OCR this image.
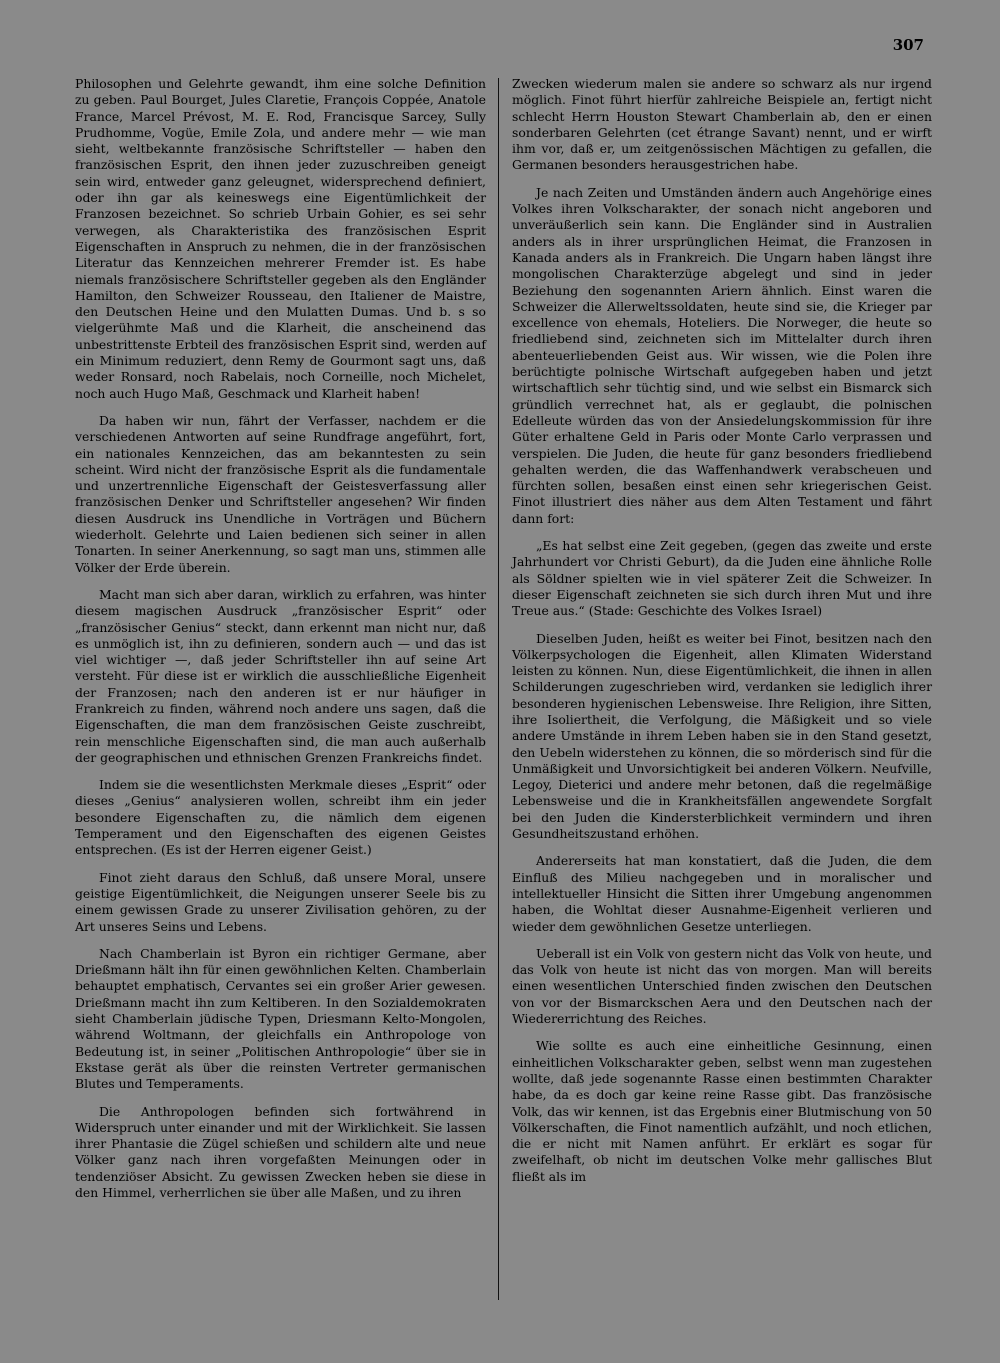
307

Philosophen und Gelehrte gewandt, ihm eine solche Definition zu geben. Paul Bourget, Jules Claretie, François Coppée, Anatole France, Marcel Prévost, M. E. Rod, Francisque Sarcey, Sully Prudhomme, Vogüe, Emile Zola, und andere mehr — wie man sieht, weltbekannte französische Schriftsteller — haben den französischen Esprit, den ihnen jeder zuzuschreiben geneigt sein wird, entweder ganz geleugnet, widersprechend definiert, oder ihn gar als keineswegs eine Eigentümlichkeit der Franzosen bezeichnet. So schrieb Urbain Gohier, es sei sehr verwegen, als Charakteristika des französischen Esprit Eigenschaften in Anspruch zu nehmen, die in der französischen Literatur das Kennzeichen mehrerer Fremder ist. Es habe niemals französischere Schriftsteller gegeben als den Engländer Hamilton, den Schweizer Rousseau, den Italiener de Maistre, den Deutschen Heine und den Mulatten Dumas. Und b. s so vielgerühmte Maß und die Klarheit, die anscheinend das unbestrittenste Erbteil des französischen Esprit sind, werden auf ein Minimum reduziert, denn Remy de Gourmont sagt uns, daß weder Ronsard, noch Rabelais, noch Corneille, noch Michelet, noch auch Hugo Maß, Geschmack und Klarheit haben!

Da haben wir nun, fährt der Verfasser, nachdem er die verschiedenen Antworten auf seine Rundfrage angeführt, fort, ein nationales Kennzeichen, das am bekanntesten zu sein scheint. Wird nicht der französische Esprit als die fundamentale und unzertrennliche Eigenschaft der Geistesverfassung aller französischen Denker und Schriftsteller angesehen? Wir finden diesen Ausdruck ins Unendliche in Vorträgen und Büchern wiederholt. Gelehrte und Laien bedienen sich seiner in allen Tonarten. In seiner Anerkennung, so sagt man uns, stimmen alle Völker der Erde überein.

Macht man sich aber daran, wirklich zu erfahren, was hinter diesem magischen Ausdruck „französischer Esprit“ oder „französischer Genius“ steckt, dann erkennt man nicht nur, daß es unmöglich ist, ihn zu definieren, sondern auch — und das ist viel wichtiger —, daß jeder Schriftsteller ihn auf seine Art versteht. Für diese ist er wirklich die ausschließliche Eigenheit der Franzosen; nach den anderen ist er nur häufiger in Frankreich zu finden, während noch andere uns sagen, daß die Eigenschaften, die man dem französischen Geiste zuschreibt, rein menschliche Eigenschaften sind, die man auch außerhalb der geographischen und ethnischen Grenzen Frankreichs findet.

Indem sie die wesentlichsten Merkmale dieses „Esprit“ oder dieses „Genius“ analysieren wollen, schreibt ihm ein jeder besondere Eigenschaften zu, die nämlich dem eigenen Temperament und den Eigenschaften des eigenen Geistes entsprechen. (Es ist der Herren eigener Geist.)

Finot zieht daraus den Schluß, daß unsere Moral, unsere geistige Eigentümlichkeit, die Neigungen unserer Seele bis zu einem gewissen Grade zu unserer Zivilisation gehören, zu der Art unseres Seins und Lebens.

Nach Chamberlain ist Byron ein richtiger Germane, aber Drießmann hält ihn für einen gewöhnlichen Kelten. Chamberlain behauptet emphatisch, Cervantes sei ein großer Arier gewesen. Drießmann macht ihn zum Keltiberen. In den Sozialdemokraten sieht Chamberlain jüdische Typen, Driesmann Kelto-Mongolen, während Woltmann, der gleichfalls ein Anthropologe von Bedeutung ist, in seiner „Politischen Anthropologie“ über sie in Ekstase gerät als über die reinsten Vertreter germanischen Blutes und Temperaments.

Die Anthropologen befinden sich fortwährend in Widerspruch unter einander und mit der Wirklichkeit. Sie lassen ihrer Phantasie die Zügel schießen und schildern alte und neue Völker ganz nach ihren vorgefaßten Meinungen oder in tendenziöser Absicht. Zu gewissen Zwecken heben sie diese in den Himmel, verherrlichen sie über alle Maßen, und zu ihren

Zwecken wiederum malen sie andere so schwarz als nur irgend möglich. Finot führt hierfür zahlreiche Beispiele an, fertigt nicht schlecht Herrn Houston Stewart Chamberlain ab, den er einen sonderbaren Gelehrten (cet étrange Savant) nennt, und er wirft ihm vor, daß er, um zeitgenössischen Mächtigen zu gefallen, die Germanen besonders herausgestrichen habe.

Je nach Zeiten und Umständen ändern auch Angehörige eines Volkes ihren Volkscharakter, der sonach nicht angeboren und unveräußerlich sein kann. Die Engländer sind in Australien anders als in ihrer ursprünglichen Heimat, die Franzosen in Kanada anders als in Frankreich. Die Ungarn haben längst ihre mongolischen Charakterzüge abgelegt und sind in jeder Beziehung den sogenannten Ariern ähnlich. Einst waren die Schweizer die Allerweltssoldaten, heute sind sie, die Krieger par excellence von ehemals, Hoteliers. Die Norweger, die heute so friedliebend sind, zeichneten sich im Mittelalter durch ihren abenteuerliebenden Geist aus. Wir wissen, wie die Polen ihre berüchtigte polnische Wirtschaft aufgegeben haben und jetzt wirtschaftlich sehr tüchtig sind, und wie selbst ein Bismarck sich gründlich verrechnet hat, als er geglaubt, die polnischen Edelleute würden das von der Ansiedelungskommission für ihre Güter erhaltene Geld in Paris oder Monte Carlo verprassen und verspielen. Die Juden, die heute für ganz besonders friedliebend gehalten werden, die das Waffenhandwerk verabscheuen und fürchten sollen, besaßen einst einen sehr kriegerischen Geist. Finot illustriert dies näher aus dem Alten Testament und fährt dann fort:

„Es hat selbst eine Zeit gegeben, (gegen das zweite und erste Jahrhundert vor Christi Geburt), da die Juden eine ähnliche Rolle als Söldner spielten wie in viel späterer Zeit die Schweizer. In dieser Eigenschaft zeichneten sie sich durch ihren Mut und ihre Treue aus.“ (Stade: Geschichte des Volkes Israel)

Dieselben Juden, heißt es weiter bei Finot, besitzen nach den Völkerpsychologen die Eigenheit, allen Klimaten Widerstand leisten zu können. Nun, diese Eigentümlichkeit, die ihnen in allen Schilderungen zugeschrieben wird, verdanken sie lediglich ihrer besonderen hygienischen Lebensweise. Ihre Religion, ihre Sitten, ihre Isoliertheit, die Verfolgung, die Mäßigkeit und so viele andere Umstände in ihrem Leben haben sie in den Stand gesetzt, den Uebeln widerstehen zu können, die so mörderisch sind für die Unmäßigkeit und Unvorsichtigkeit bei anderen Völkern. Neufville, Legoy, Dieterici und andere mehr betonen, daß die regelmäßige Lebensweise und die in Krankheitsfällen angewendete Sorgfalt bei den Juden die Kindersterblichkeit vermindern und ihren Gesundheitszustand erhöhen.

Andererseits hat man konstatiert, daß die Juden, die dem Einfluß des Milieu nachgegeben und in moralischer und intellektueller Hinsicht die Sitten ihrer Umgebung angenommen haben, die Wohltat dieser Ausnahme-Eigenheit verlieren und wieder dem gewöhnlichen Gesetze unterliegen.

Ueberall ist ein Volk von gestern nicht das Volk von heute, und das Volk von heute ist nicht das von morgen. Man will bereits einen wesentlichen Unterschied finden zwischen den Deutschen von vor der Bismarckschen Aera und den Deutschen nach der Wiedererrichtung des Reiches.

Wie sollte es auch eine einheitliche Gesinnung, einen einheitlichen Volkscharakter geben, selbst wenn man zugestehen wollte, daß jede sogenannte Rasse einen bestimmten Charakter habe, da es doch gar keine reine Rasse gibt. Das französische Volk, das wir kennen, ist das Ergebnis einer Blutmischung von 50 Völkerschaften, die Finot namentlich aufzählt, und noch etlichen, die er nicht mit Namen anführt. Er erklärt es sogar für zweifelhaft, ob nicht im deutschen Volke mehr gallisches Blut fließt als im
